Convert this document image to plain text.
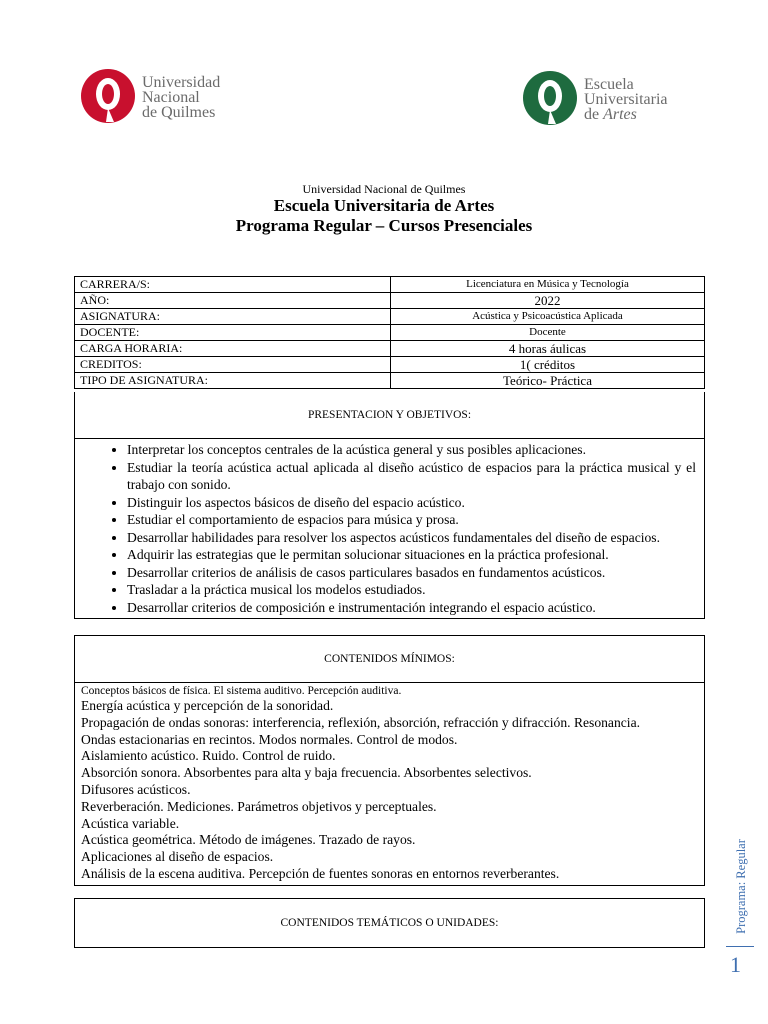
Universidad
Nacional
de Quilmes
Escuela
Universitaria
de Artes
Universidad Nacional de Quilmes
Escuela Universitaria de Artes
Programa Regular – Cursos Presenciales
CARRERA/S:	Licenciatura en Música y Tecnología
AÑO:	2022
ASIGNATURA:	Acústica y Psicoacústica Aplicada
DOCENTE:	Docente
CARGA HORARIA:	4 horas áulicas
CREDITOS:	1( créditos
TIPO DE ASIGNATURA:	Teórico- Práctica
PRESENTACION Y OBJETIVOS:
• Interpretar los conceptos centrales de la acústica general y sus posibles aplicaciones.
• Estudiar la teoría acústica actual aplicada al diseño acústico de espacios para la práctica musical y el trabajo con sonido.
• Distinguir los aspectos básicos de diseño del espacio acústico.
• Estudiar el comportamiento de espacios para música y prosa.
• Desarrollar habilidades para resolver los aspectos acústicos fundamentales del diseño de espacios.
• Adquirir las estrategias que le permitan solucionar situaciones en la práctica profesional.
• Desarrollar criterios de análisis de casos particulares basados en fundamentos acústicos.
• Trasladar a la práctica musical los modelos estudiados.
• Desarrollar criterios de composición e instrumentación integrando el espacio acústico.
CONTENIDOS MÍNIMOS:
Conceptos básicos de física. El sistema auditivo. Percepción auditiva.
Energía acústica y percepción de la sonoridad.
Propagación de ondas sonoras: interferencia, reflexión, absorción, refracción y difracción. Resonancia.
Ondas estacionarias en recintos. Modos normales. Control de modos.
Aislamiento acústico. Ruido. Control de ruido.
Absorción sonora. Absorbentes para alta y baja frecuencia. Absorbentes selectivos.
Difusores acústicos.
Reverberación. Mediciones. Parámetros objetivos y perceptuales.
Acústica variable.
Acústica geométrica. Método de imágenes. Trazado de rayos.
Aplicaciones al diseño de espacios.
Análisis de la escena auditiva. Percepción de fuentes sonoras en entornos reverberantes.
CONTENIDOS TEMÁTICOS O UNIDADES:	Programa: Regular
1
